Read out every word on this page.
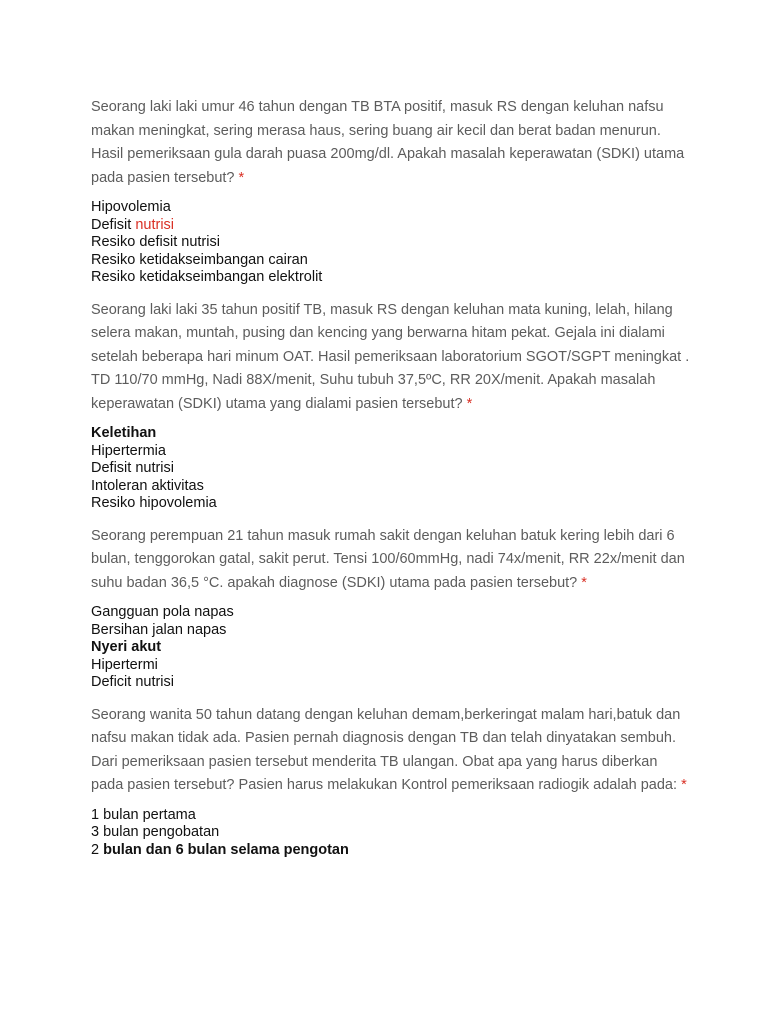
Seorang laki laki umur 46 tahun dengan TB BTA positif, masuk RS dengan keluhan nafsu makan meningkat, sering merasa haus, sering buang air kecil dan berat badan menurun. Hasil pemeriksaan gula darah puasa 200mg/dl. Apakah masalah keperawatan (SDKI) utama pada pasien tersebut? *

Hipovolemia
Defisit nutrisi
Resiko defisit nutrisi
Resiko ketidakseimbangan cairan
Resiko ketidakseimbangan elektrolit

Seorang laki laki 35 tahun positif TB, masuk RS dengan keluhan mata kuning, lelah, hilang selera makan, muntah, pusing dan kencing yang berwarna hitam pekat. Gejala ini dialami setelah beberapa hari minum OAT. Hasil pemeriksaan laboratorium SGOT/SGPT meningkat . TD 110/70 mmHg, Nadi 88X/menit, Suhu tubuh 37,5ºC, RR 20X/menit. Apakah masalah keperawatan (SDKI) utama yang dialami pasien tersebut? *

Keletihan
Hipertermia
Defisit nutrisi
Intoleran aktivitas
Resiko hipovolemia

Seorang perempuan 21 tahun masuk rumah sakit dengan keluhan batuk kering lebih dari 6 bulan, tenggorokan gatal, sakit perut. Tensi 100/60mmHg, nadi 74x/menit, RR 22x/menit dan suhu badan 36,5 °C. apakah diagnose (SDKI) utama pada pasien tersebut? *

Gangguan pola napas
Bersihan jalan napas
Nyeri akut
Hipertermi
Deficit nutrisi

Seorang wanita 50 tahun datang dengan keluhan demam,berkeringat malam hari,batuk dan nafsu makan tidak ada. Pasien pernah diagnosis dengan TB dan telah dinyatakan sembuh. Dari pemeriksaan pasien tersebut menderita TB ulangan. Obat apa yang harus diberkan pada pasien tersebut? Pasien harus melakukan Kontrol pemeriksaan radiogik adalah pada: *

1 bulan pertama
3 bulan pengobatan
2 bulan dan 6 bulan selama pengotan
